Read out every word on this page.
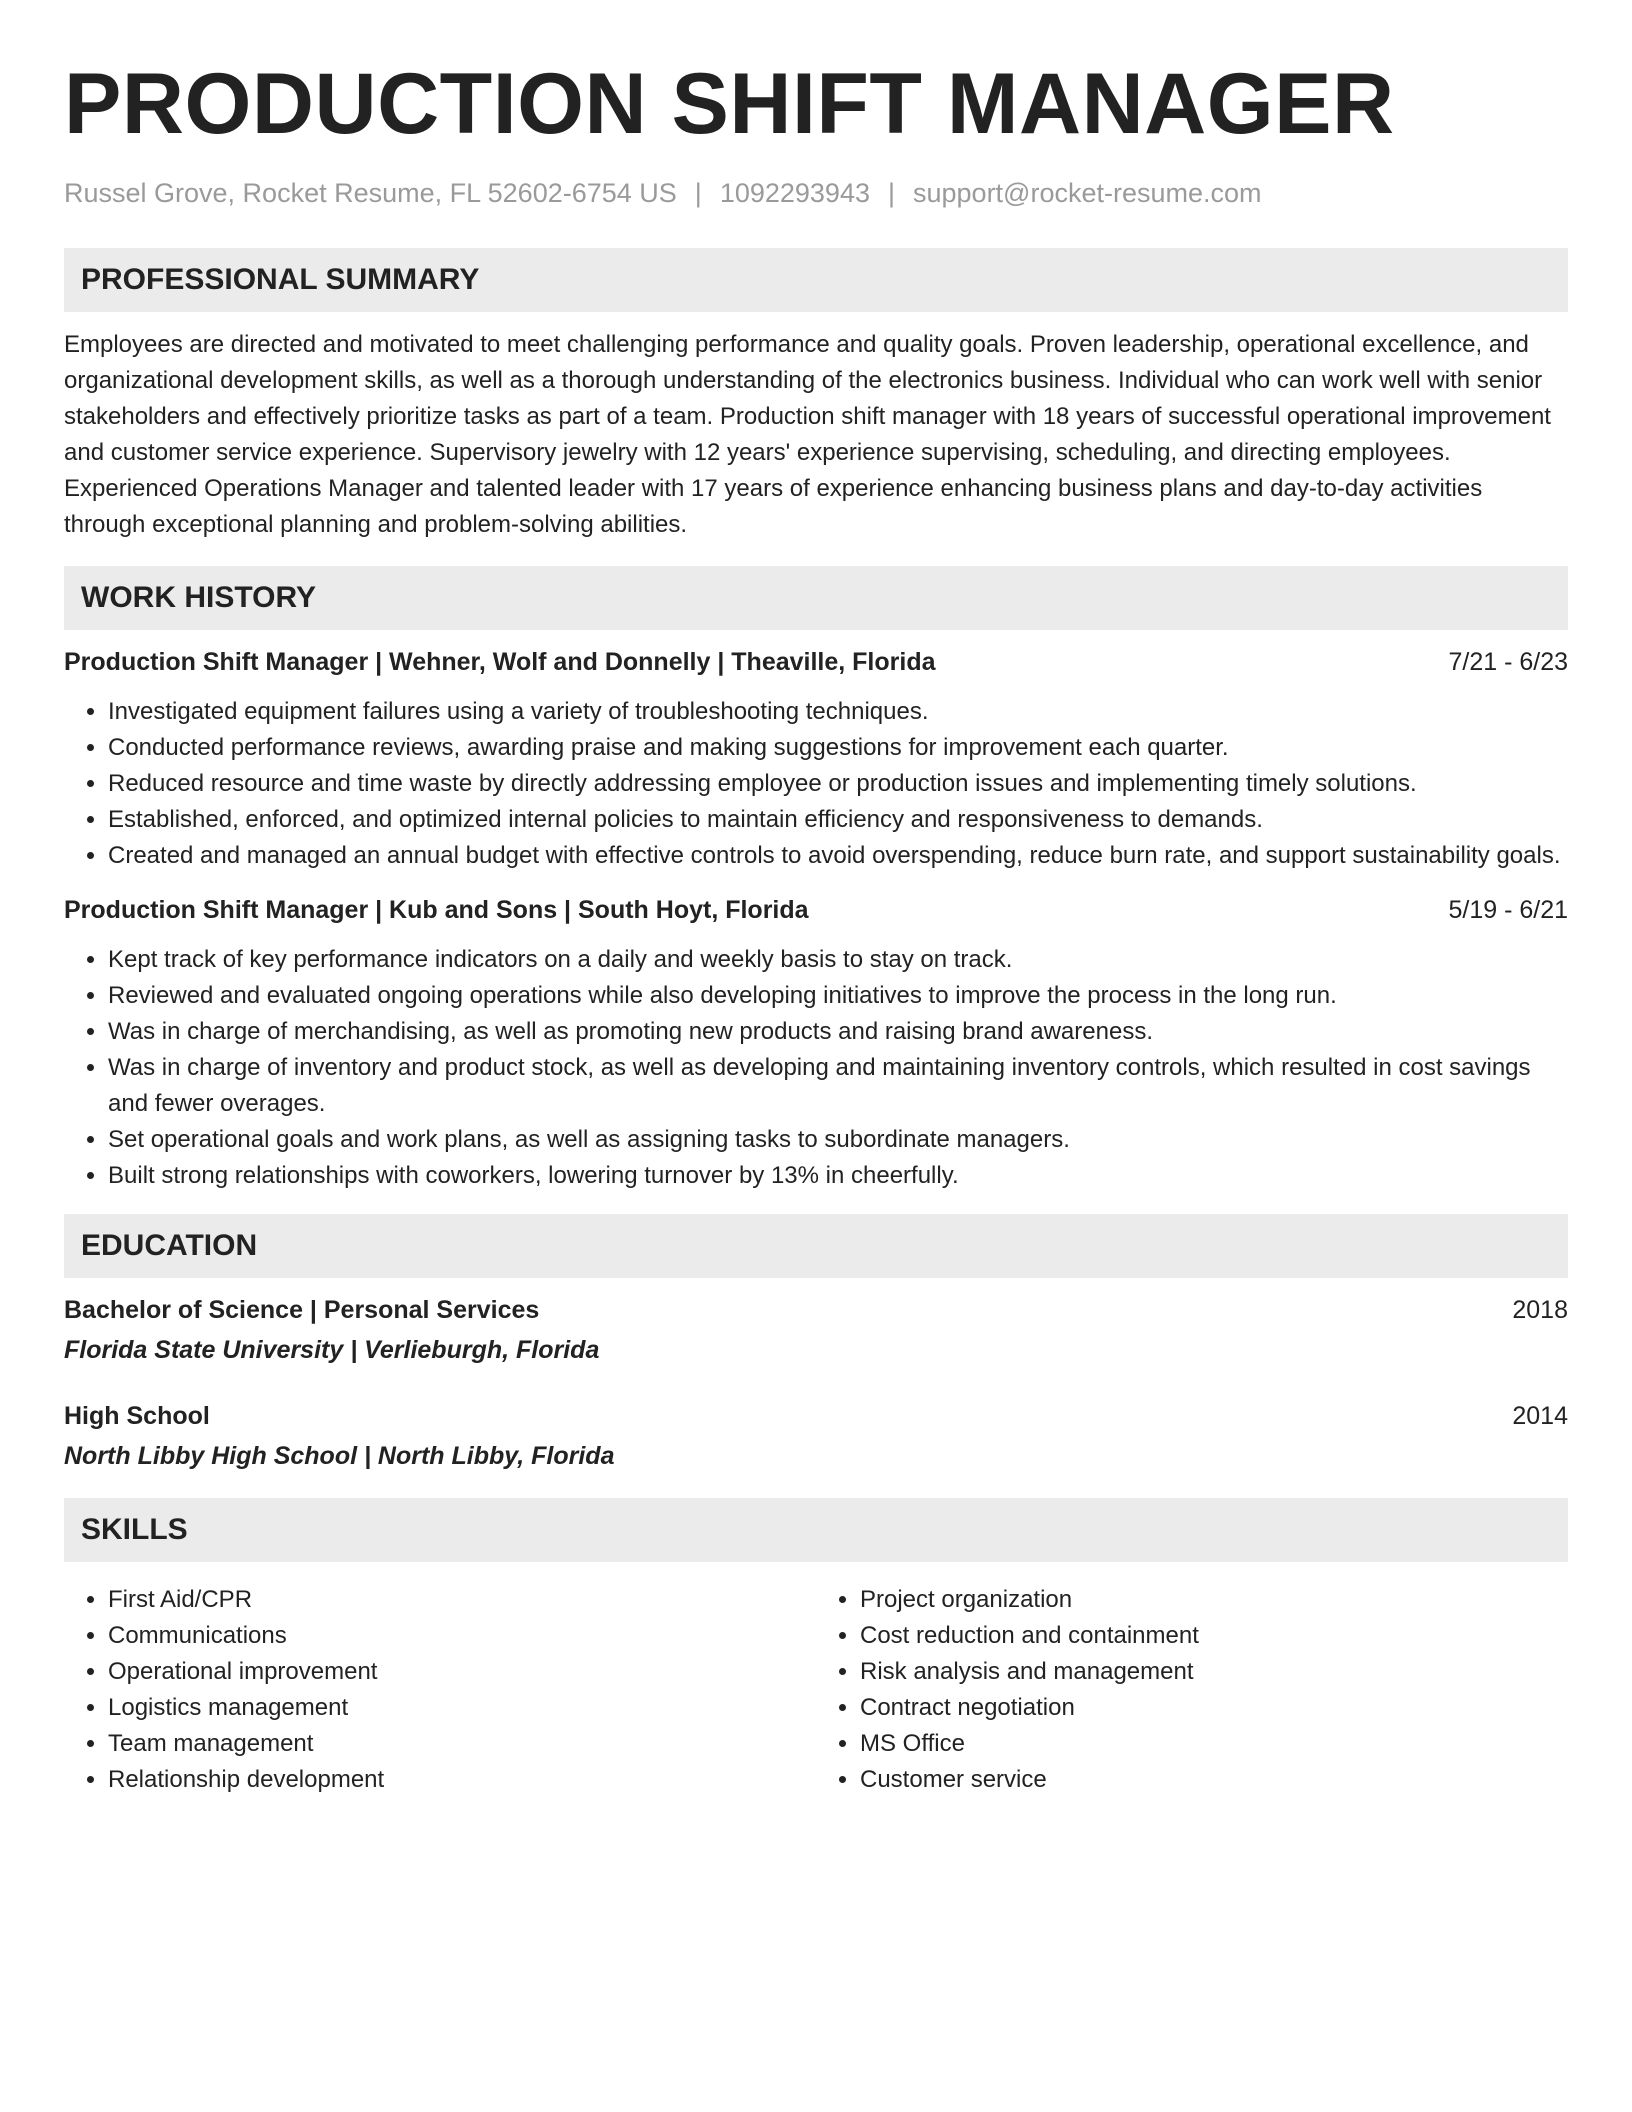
PRODUCTION SHIFT MANAGER
Russel Grove, Rocket Resume, FL 52602-6754 US | 1092293943 | support@rocket-resume.com
PROFESSIONAL SUMMARY
Employees are directed and motivated to meet challenging performance and quality goals. Proven leadership, operational excellence, and organizational development skills, as well as a thorough understanding of the electronics business. Individual who can work well with senior stakeholders and effectively prioritize tasks as part of a team. Production shift manager with 18 years of successful operational improvement and customer service experience. Supervisory jewelry with 12 years' experience supervising, scheduling, and directing employees. Experienced Operations Manager and talented leader with 17 years of experience enhancing business plans and day-to-day activities through exceptional planning and problem-solving abilities.
WORK HISTORY
Production Shift Manager | Wehner, Wolf and Donnelly | Theaville, Florida	7/21 - 6/23
• Investigated equipment failures using a variety of troubleshooting techniques.
• Conducted performance reviews, awarding praise and making suggestions for improvement each quarter.
• Reduced resource and time waste by directly addressing employee or production issues and implementing timely solutions.
• Established, enforced, and optimized internal policies to maintain efficiency and responsiveness to demands.
• Created and managed an annual budget with effective controls to avoid overspending, reduce burn rate, and support sustainability goals.
Production Shift Manager | Kub and Sons | South Hoyt, Florida	5/19 - 6/21
• Kept track of key performance indicators on a daily and weekly basis to stay on track.
• Reviewed and evaluated ongoing operations while also developing initiatives to improve the process in the long run.
• Was in charge of merchandising, as well as promoting new products and raising brand awareness.
• Was in charge of inventory and product stock, as well as developing and maintaining inventory controls, which resulted in cost savings and fewer overages.
• Set operational goals and work plans, as well as assigning tasks to subordinate managers.
• Built strong relationships with coworkers, lowering turnover by 13% in cheerfully.
EDUCATION
Bachelor of Science | Personal Services	2018
Florida State University | Verlieburgh, Florida
High School	2014
North Libby High School | North Libby, Florida
SKILLS
• First Aid/CPR
• Communications
• Operational improvement
• Logistics management
• Team management
• Relationship development
• Project organization
• Cost reduction and containment
• Risk analysis and management
• Contract negotiation
• MS Office
• Customer service
